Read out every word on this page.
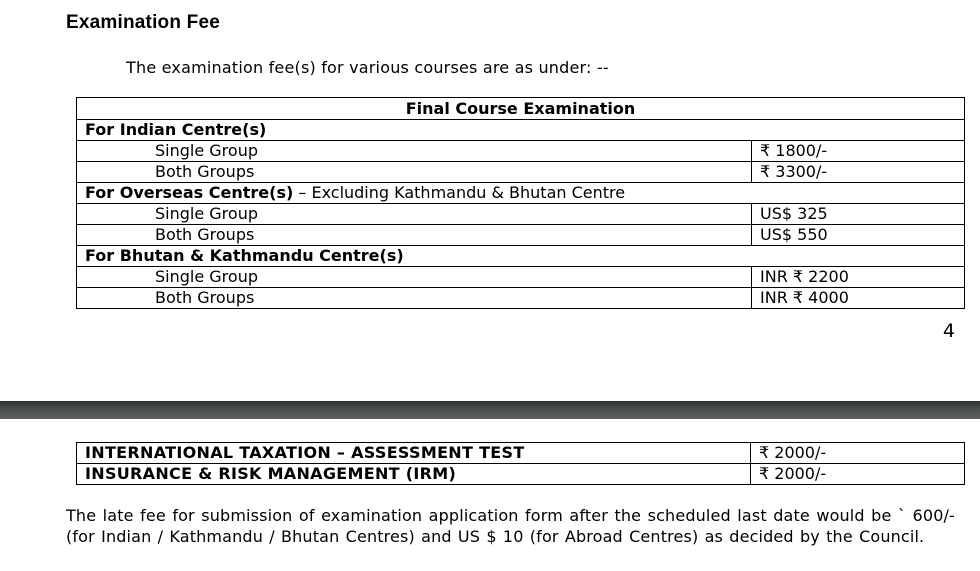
Examination Fee
The examination fee(s) for various courses are as under: --
Final Course Examination	
For Indian Centre(s)	
Single Group	₹ 1800/-
Both Groups	₹ 3300/-
For Overseas Centre(s) – Excluding Kathmandu & Bhutan Centre	
Single Group	US$ 325
Both Groups	US$ 550
For Bhutan & Kathmandu Centre(s)	
Single Group	INR ₹ 2200
Both Groups	INR ₹ 4000
4
INTERNATIONAL TAXATION – ASSESSMENT TEST	₹ 2000/-
INSURANCE & RISK MANAGEMENT (IRM)	₹ 2000/-
The late fee for submission of examination application form after the scheduled last date would be ` 600/- (for Indian / Kathmandu / Bhutan Centres) and US $ 10 (for Abroad Centres) as decided by the Council.
